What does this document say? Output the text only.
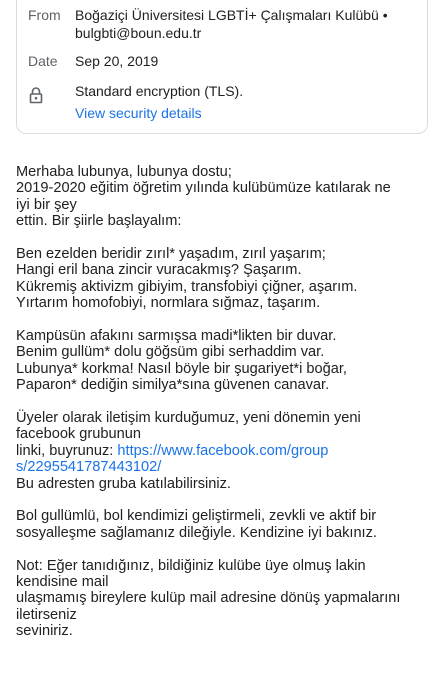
From Boğaziçi Üniversitesi LGBTİ+ Çalışmaları Kulübü •
bulgbti@boun.edu.tr
Date Sep 20, 2019
Standard encryption (TLS).
View security details

Merhaba lubunya, lubunya dostu;

2019-2020 eğitim öğretim yılında kulübümüze katılarak ne

iyi bir şey

ettin. Bir şiirle başlayalım:

Ben ezelden beridir zırıl* yaşadım, zırıl yaşarım;

Hangi eril bana zincir vuracakmış? Şaşarım.

Kükremiş aktivizm gibiyim, transfobiyi çiğner, aşarım.

Yırtarım homofobiyi, normlara sığmaz, taşarım.

Kampüsün afakını sarmışsa madi*likten bir duvar.

Benim gullüm* dolu göğsüm gibi serhaddim var.

Lubunya* korkma! Nasıl böyle bir şugariyet*i boğar,

Paparon* dediğin similya*sına güvenen canavar.

Üyeler olarak iletişim kurduğumuz, yeni dönemin yeni

facebook grubunun

linki, buyrunuz: https://www.facebook.com/group

s/2295541787443102/

Bu adresten gruba katılabilirsiniz.

Bol gullümlü, bol kendimizi geliştirmeli, zevkli ve aktif bir

sosyalleşme sağlamanız dileğiyle. Kendizine iyi bakınız.

Not: Eğer tanıdığınız, bildiğiniz kulübe üye olmuş lakin

kendisine mail

ulaşmamış bireylere kulüp mail adresine dönüş yapmalarını

iletirseniz

seviniriz.
